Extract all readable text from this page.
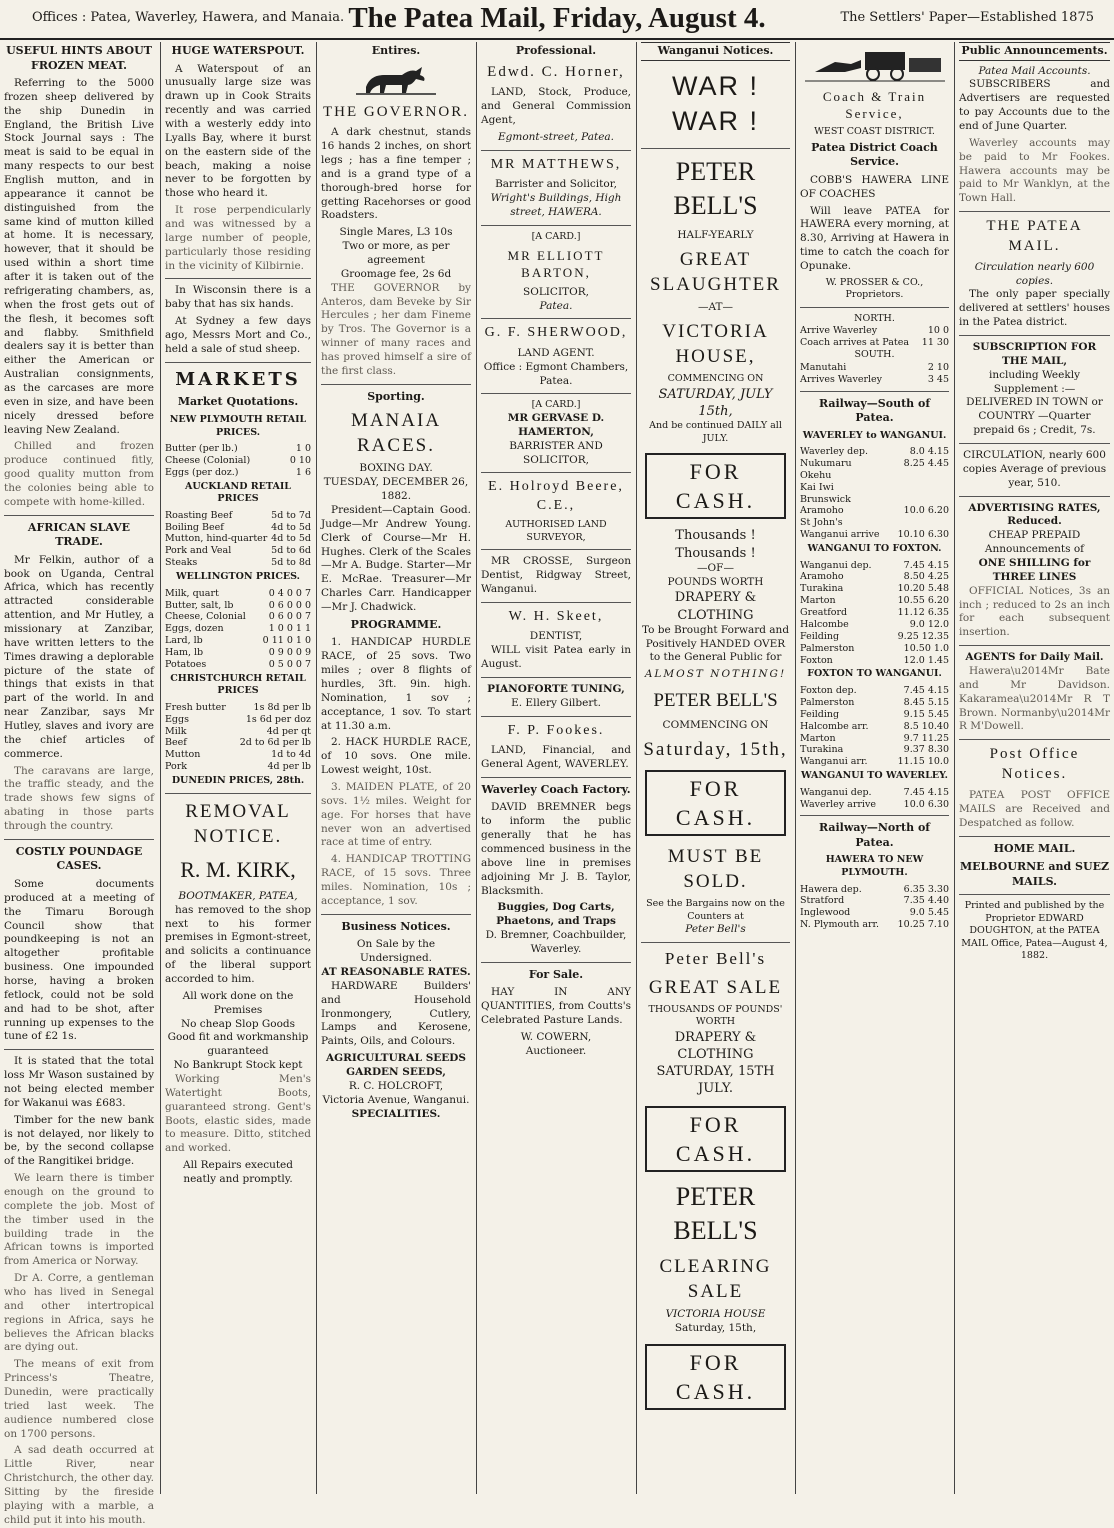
Offices : Patea, Waverley, Hawera, and Manaia. The Patea Mail, Friday, August 4.	The Settlers' Paper—Established 1875
USEFUL HINTS ABOUT FROZEN MEAT.

Referring to the 5000 frozen sheep delivered by the ship Dunedin in England, the British Live Stock Journal says : The meat is said to be equal in many respects to our best English mutton, and in appearance it cannot be distinguished from the same kind of mutton killed at home. It is necessary, however, that it should be used within a short time after it is taken out of the refrigerating chambers, as, when the frost gets out of the flesh, it becomes soft and flabby. Smithfield dealers say it is better than either the American or Australian consignments, as the carcases are more even in size, and have been nicely dressed before leaving New Zealand.

Chilled and frozen produce continued fitly, good quality mutton from the colonies being able to compete with home-killed.

AFRICAN SLAVE TRADE.

Mr Felkin, author of a book on Uganda, Central Africa, which has recently attracted considerable attention, and Mr Hutley, a missionary at Zanzibar, have written letters to the Times drawing a deplorable picture of the state of things that exists in that part of the world. In and near Zanzibar, says Mr Hutley, slaves and ivory are the chief articles of commerce.

The caravans are large, the traffic steady, and the trade shows few signs of abating in those parts through the country.

COSTLY POUNDAGE CASES.

Some documents produced at a meeting of the Timaru Borough Council show that poundkeeping is not an altogether profitable business. One impounded horse, having a broken fetlock, could not be sold and had to be shot, after running up expenses to the tune of £2 1s.

It is stated that the total loss Mr Wason sustained by not being elected member for Wakanui was £683.

Timber for the new bank is not delayed, nor likely to be, by the second collapse of the Rangitikei bridge.

We learn there is timber enough on the ground to complete the job. Most of the timber used in the building trade in the African towns is imported from America or Norway.

Dr A. Corre, a gentleman who has lived in Senegal and other intertropical regions in Africa, says he believes the African blacks are dying out.

The means of exit from Princess's Theatre, Dunedin, were practically tried last week. The audience numbered close on 1700 persons.

A sad death occurred at Little River, near Christchurch, the other day. Sitting by the fireside playing with a marble, a child put it into his mouth.

HUGE WATERSPOUT.

A Waterspout of an unusually large size was drawn up in Cook Straits recently and was carried with a westerly eddy into Lyalls Bay, where it burst on the eastern side of the beach, making a noise never to be forgotten by those who heard it.

It rose perpendicularly and was witnessed by a large number of people, particularly those residing in the vicinity of Kilbirnie.

In Wisconsin there is a baby that has six hands.

At Sydney a few days ago, Messrs Mort and Co., held a sale of stud sheep.

MARKETS
Market Quotations.
NEW PLYMOUTH RETAIL PRICES.
Butter (per lb.)	1 0
Cheese (Colonial)	0 10
Eggs (per doz.)	1 6
AUCKLAND RETAIL PRICES
Roasting Beef	5d to 7d
Boiling Beef	4d to 5d
Mutton, hind-quarter 4d to 5d
Pork and Veal	5d to 6d
Steaks	5d to 8d
WELLINGTON PRICES.
Milk, quart	0 4 0 0 7
Butter, salt, lb	0 6 0 0 0
Cheese, Colonial 0 6 0 0 7
Eggs, dozen	1 0 0 1 1
Lard, lb	0 11 0 1 0
Ham, lb	0 9 0 0 9
Potatoes	0 5 0 0 7
CHRISTCHURCH RETAIL PRICES
Fresh butter	1s 8d per lb
Eggs	1s 6d per doz
Milk	4d per qt
Beef	2d to 6d per lb
Mutton	1d to 4d
Pork	4d per lb
DUNEDIN PRICES, 28th.
REMOVAL NOTICE.
R. M. KIRK,
BOOTMAKER, PATEA,

has removed to the shop next to his former premises in Egmont-street, and solicits a continuance of the liberal support accorded to him.

All work done on the Premises
No cheap Slop Goods
Good fit and workmanship guaranteed
No Bankrupt Stock kept

Working Men's Watertight Boots, guaranteed strong. Gent's Boots, elastic sides, made to measure. Ditto, stitched and worked.

All Repairs executed neatly and promptly.
Entires.
THE GOVERNOR.

A dark chestnut, stands 16 hands 2 inches, on short legs ; has a fine temper ; and is a grand type of a thorough-bred horse for getting Racehorses or good Roadsters.

Single Mares, L3 10s
Two or more, as per agreement
Groomage fee, 2s 6d

THE GOVERNOR by Anteros, dam Beveke by Sir Hercules ; her dam Fineme by Tros. The Governor is a winner of many races and has proved himself a sire of the first class.

Sporting.
MANAIA RACES.
BOXING DAY.
TUESDAY, DECEMBER 26, 1882.

President—Captain Good. Judge—Mr Andrew Young. Clerk of Course—Mr H. Hughes. Clerk of the Scales—Mr A. Budge. Starter—Mr E. McRae. Treasurer—Mr Charles Carr. Handicapper—Mr J. Chadwick.

PROGRAMME.

1. HANDICAP HURDLE RACE, of 25 sovs. Two miles ; over 8 flights of hurdles, 3ft. 9in. high. Nomination, 1 sov ; acceptance, 1 sov. To start at 11.30 a.m.

2. HACK HURDLE RACE, of 10 sovs. One mile. Lowest weight, 10st.

3. MAIDEN PLATE, of 20 sovs. 1½ miles. Weight for age. For horses that have never won an advertised race at time of entry.

4. HANDICAP TROTTING RACE, of 15 sovs. Three miles. Nomination, 10s ; acceptance, 1 sov.

Business Notices.
On Sale by the Undersigned.
AT REASONABLE RATES.

HARDWARE Builders' and Household Ironmongery, Cutlery, Lamps and Kerosene, Paints, Oils, and Colours.

AGRICULTURAL SEEDS
GARDEN SEEDS,
R. C. HOLCROFT,
Victoria Avenue, Wanganui.
SPECIALITIES.
Professional.
Edwd. C. Horner,

LAND, Stock, Produce, and General Commission Agent,

Egmont-street, Patea.
MR MATTHEWS,
Barrister and Solicitor,
Wright's Buildings, High street, HAWERA.
[A CARD.]
MR ELLIOTT BARTON,
SOLICITOR,
Patea.
G. F. SHERWOOD,
LAND AGENT.
Office : Egmont Chambers, Patea.
[A CARD.]
MR GERVASE D. HAMERTON,
BARRISTER AND SOLICITOR,
E. Holroyd Beere, C.E.,
AUTHORISED LAND SURVEYOR,

MR CROSSE, Surgeon Dentist, Ridgway Street, Wanganui.

W. H. Skeet,
DENTIST,

WILL visit Patea early in August.

PIANOFORTE TUNING,
E. Ellery Gilbert.
F. P. Fookes.

LAND, Financial, and General Agent, WAVERLEY.

Waverley Coach Factory.

DAVID BREMNER begs to inform the public generally that he has commenced business in the above line in premises adjoining Mr J. B. Taylor, Blacksmith.

Buggies, Dog Carts, Phaetons, and Traps
D. Bremner, Coachbuilder, Waverley.
For Sale.

HAY IN ANY QUANTITIES, from Coutts's Celebrated Pasture Lands.

W. COWERN,
Auctioneer.
Wanganui Notices.
WAR ! WAR !
PETER BELL'S
HALF-YEARLY
GREAT SLAUGHTER
—AT—
VICTORIA HOUSE,
COMMENCING ON
SATURDAY, JULY 15th,
And be continued DAILY all JULY.
FOR CASH.
Thousands ! Thousands !
—OF—
POUNDS WORTH
DRAPERY & CLOTHING

To be Brought Forward and Positively HANDED OVER to the General Public for

ALMOST NOTHING!
PETER BELL'S
COMMENCING ON
Saturday, 15th,
FOR CASH.
MUST BE SOLD.
See the Bargains now on the Counters at
Peter Bell's
Peter Bell's
GREAT SALE
THOUSANDS OF POUNDS' WORTH
DRAPERY & CLOTHING
SATURDAY, 15TH JULY.
FOR CASH.
PETER BELL'S
CLEARING SALE
VICTORIA HOUSE
Saturday, 15th,
FOR CASH.
Coach & Train Service,
WEST COAST DISTRICT.
Patea District Coach Service.

COBB'S HAWERA LINE OF COACHES

Will leave PATEA for HAWERA every morning, at 8.30, Arriving at Hawera in time to catch the coach for Opunake.

W. PROSSER & CO., Proprietors.
NORTH.
Arrive Waverley	10 0
Coach arrives at Patea 11 30
SOUTH.
Manutahi	2 10
Arrives Waverley	3 45
Railway—South of Patea.
WAVERLEY to WANGANUI.
Waverley dep.	8.0 4.15
Nukumaru	8.25 4.45
Okehu
Kai Iwi
Brunswick
Aramoho	10.0 6.20
St John's
Wanganui arrive 10.10 6.30
WANGANUI TO FOXTON.
Wanganui dep.	7.45 4.15
Aramoho	8.50 4.25
Turakina	10.20 5.48
Marton	10.55 6.20
Greatford	11.12 6.35
Halcombe	9.0 12.0
Feilding	9.25 12.35
Palmerston	10.50 1.0
Foxton	12.0 1.45
FOXTON TO WANGANUI.
Foxton dep.	7.45 4.15
Palmerston	8.45 5.15
Feilding	9.15 5.45
Halcombe arr.	8.5 10.40
Marton	9.7 11.25
Turakina	9.37 8.30
Wanganui arr.	11.15 10.0
WANGANUI TO WAVERLEY.
Wanganui dep.	7.45 4.15
Waverley arrive	10.0 6.30
Railway—North of Patea.
HAWERA TO NEW PLYMOUTH.
Hawera dep.	6.35 3.30
Stratford	7.35 4.40
Inglewood	9.0 5.45
N. Plymouth arr. 10.25 7.10
Public Announcements.
Patea Mail Accounts.

SUBSCRIBERS and Advertisers are requested to pay Accounts due to the end of June Quarter.

Waverley accounts may be paid to Mr Fookes. Hawera accounts may be paid to Mr Wanklyn, at the Town Hall.

THE PATEA MAIL.
Circulation nearly 600 copies.

The only paper specially delivered at settlers' houses in the Patea district.

SUBSCRIPTION FOR THE MAIL,

including Weekly Supplement :— DELIVERED IN TOWN or COUNTRY —Quarter prepaid 6s ; Credit, 7s.

CIRCULATION, nearly 600 copies Average of previous year, 510.

ADVERTISING RATES, Reduced.
CHEAP PREPAID Announcements of
ONE SHILLING for THREE LINES

OFFICIAL Notices, 3s an inch ; reduced to 2s an inch for each subsequent insertion.

AGENTS for Daily Mail.

Hawera\u2014Mr Bate and Mr Davidson. Kakaramea\u2014Mr R T Brown. Normanby\u2014Mr R M'Dowell.

Post Office Notices.

PATEA POST OFFICE MAILS are Received and Despatched as follow.

HOME MAIL.
MELBOURNE and SUEZ MAILS.

Printed and published by the Proprietor EDWARD DOUGHTON, at the PATEA MAIL Office, Patea—August 4, 1882.
